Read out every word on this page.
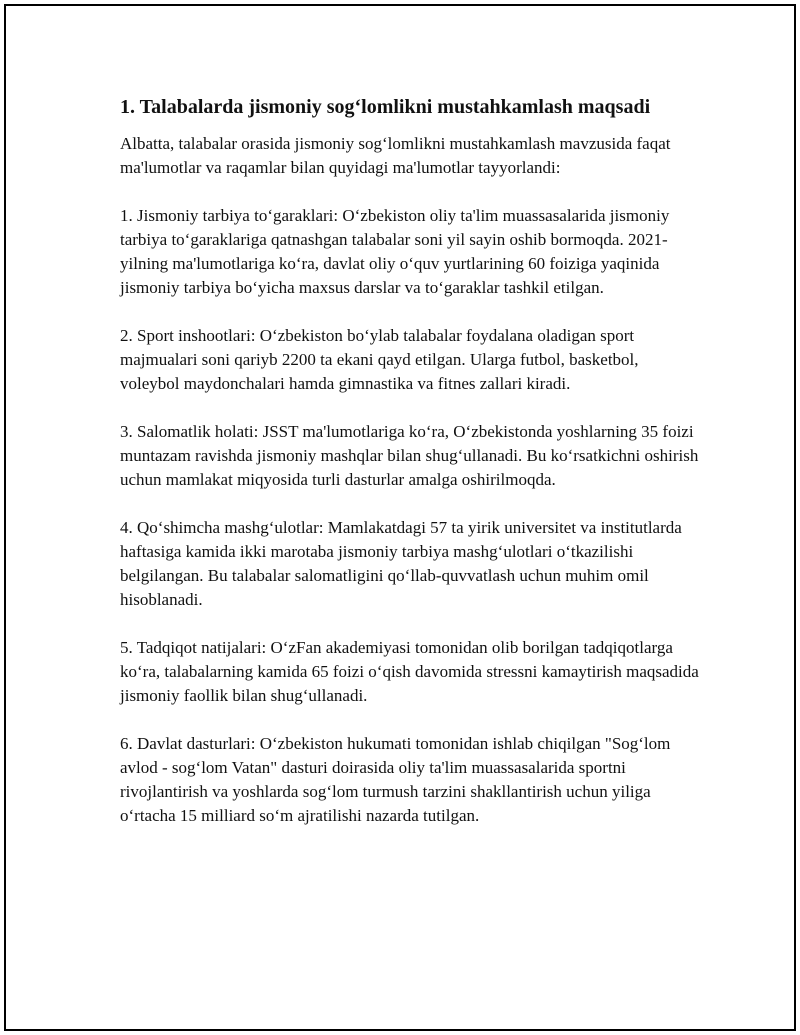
1. Talabalarda jismoniy sog‘lomlikni mustahkamlash maqsadi

Albatta, talabalar orasida jismoniy sog‘lomlikni mustahkamlash mavzusida faqat ma'lumotlar va raqamlar bilan quyidagi ma'lumotlar tayyorlandi:

1. Jismoniy tarbiya to‘garaklari: O‘zbekiston oliy ta'lim muassasalarida jismoniy tarbiya to‘garaklariga qatnashgan talabalar soni yil sayin oshib bormoqda. 2021-yilning ma'lumotlariga ko‘ra, davlat oliy o‘quv yurtlarining 60 foiziga yaqinida jismoniy tarbiya bo‘yicha maxsus darslar va to‘garaklar tashkil etilgan.

2. Sport inshootlari: O‘zbekiston bo‘ylab talabalar foydalana oladigan sport majmualari soni qariyb 2200 ta ekani qayd etilgan. Ularga futbol, basketbol, voleybol maydonchalari hamda gimnastika va fitnes zallari kiradi.

3. Salomatlik holati: JSST ma'lumotlariga ko‘ra, O‘zbekistonda yoshlarning 35 foizi muntazam ravishda jismoniy mashqlar bilan shug‘ullanadi. Bu ko‘rsatkichni oshirish uchun mamlakat miqyosida turli dasturlar amalga oshirilmoqda.

4. Qo‘shimcha mashg‘ulotlar: Mamlakatdagi 57 ta yirik universitet va institutlarda haftasiga kamida ikki marotaba jismoniy tarbiya mashg‘ulotlari o‘tkazilishi belgilangan. Bu talabalar salomatligini qo‘llab-quvvatlash uchun muhim omil hisoblanadi.

5. Tadqiqot natijalari: O‘zFan akademiyasi tomonidan olib borilgan tadqiqotlarga ko‘ra, talabalarning kamida 65 foizi o‘qish davomida stressni kamaytirish maqsadida jismoniy faollik bilan shug‘ullanadi.

6. Davlat dasturlari: O‘zbekiston hukumati tomonidan ishlab chiqilgan "Sog‘lom avlod - sog‘lom Vatan" dasturi doirasida oliy ta'lim muassasalarida sportni rivojlantirish va yoshlarda sog‘lom turmush tarzini shakllantirish uchun yiliga o‘rtacha 15 milliard so‘m ajratilishi nazarda tutilgan.
